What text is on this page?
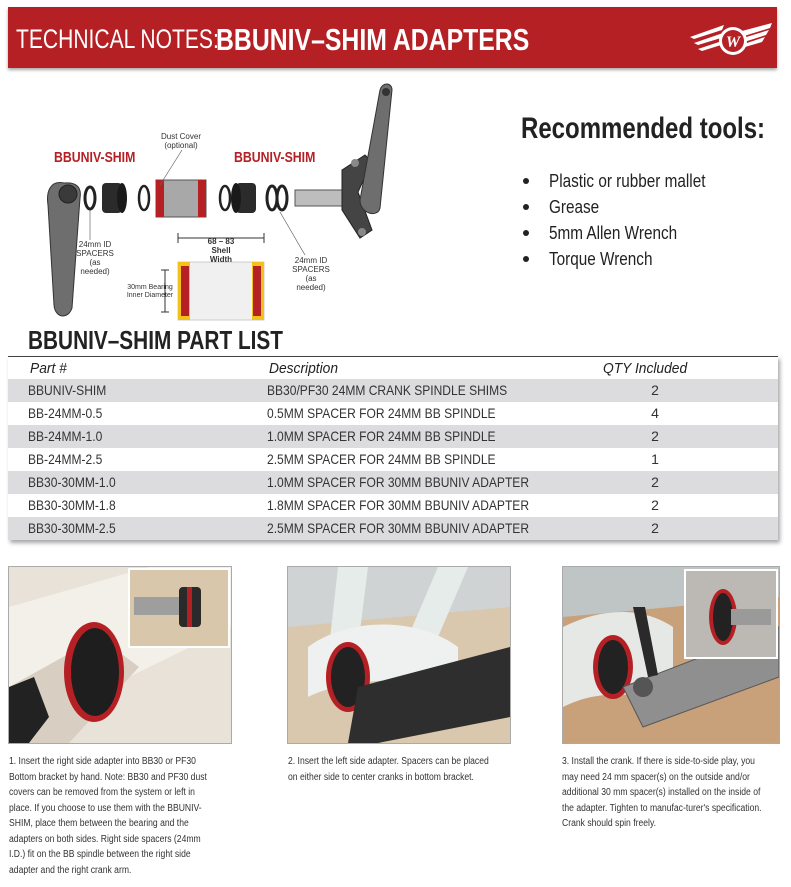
TECHNICAL NOTES:
BBUNIV–SHIM ADAPTERS	W
BBUNIV-SHIM	BBUNIV-SHIM
Dust Cover
(optional)
24mm ID
SPACERS
(as needed)
24mm ID
SPACERS
(as needed)
68 – 83
Shell Width
30mm Bearing
Inner Diameter
Recommended tools:
Plastic or rubber mallet
Grease
5mm Allen Wrench
Torque Wrench
BBUNIV–SHIM PART LIST
Part #	Description	QTY Included
BBUNIV-SHIM	BB30/PF30 24MM CRANK SPINDLE SHIMS	2
BB-24MM-0.5	0.5MM SPACER FOR 24MM BB SPINDLE	4
BB-24MM-1.0	1.0MM SPACER FOR 24MM BB SPINDLE	2
BB-24MM-2.5	2.5MM SPACER FOR 24MM BB SPINDLE	1
BB30-30MM-1.0	1.0MM SPACER FOR 30MM BBUNIV ADAPTER	2
BB30-30MM-1.8	1.8MM SPACER FOR 30MM BBUNIV ADAPTER	2
BB30-30MM-2.5	2.5MM SPACER FOR 30MM BBUNIV ADAPTER	2
1. Insert the right side adapter into BB30 or PF30 Bottom bracket by hand. Note: BB30 and PF30 dust covers can be removed from the system or left in place. If you choose to use them with the BBUNIV-SHIM, place them between the bearing and the adapters on both sides. Right side spacers (24mm I.D.) fit on the BB spindle between the right side adapter and the right crank arm.
2. Insert the left side adapter. Spacers can be placed on either side to center cranks in bottom bracket.
3. Install the crank. If there is side-to-side play, you may need 24 mm spacer(s) on the outside and/or additional 30 mm spacer(s) installed on the inside of the adapter. Tighten to manufac-turer's specification. Crank should spin freely.
